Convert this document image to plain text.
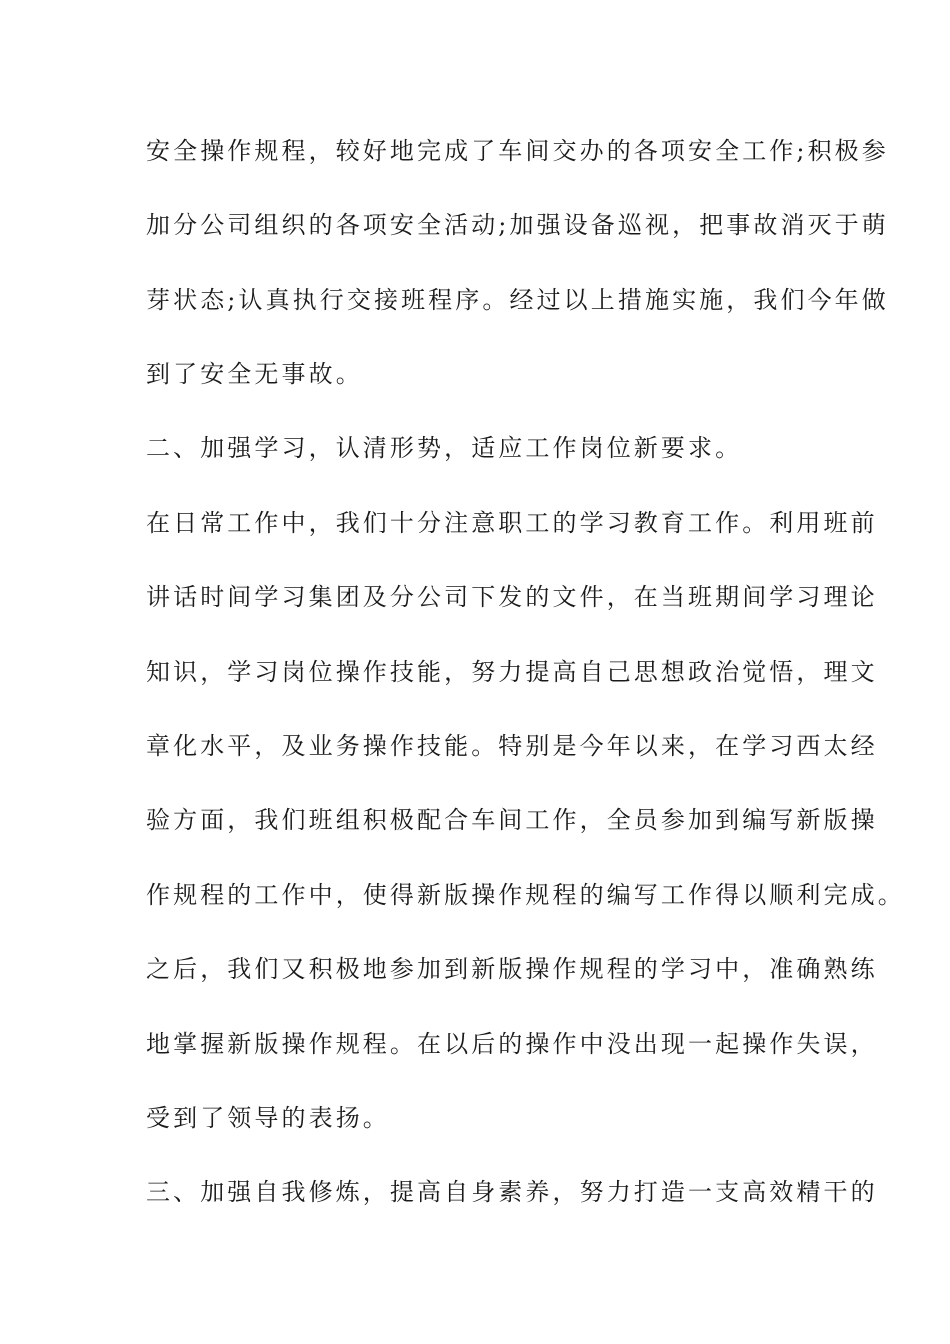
安全操作规程，较好地完成了车间交办的各项安全工作;积极参
加分公司组织的各项安全活动;加强设备巡视，把事故消灭于萌
芽状态;认真执行交接班程序。经过以上措施实施，我们今年做
到了安全无事故。
二、加强学习，认清形势，适应工作岗位新要求。
在日常工作中，我们十分注意职工的学习教育工作。利用班前
讲话时间学习集团及分公司下发的文件，在当班期间学习理论
知识，学习岗位操作技能，努力提高自己思想政治觉悟，理文
章化水平，及业务操作技能。特别是今年以来，在学习西太经
验方面，我们班组积极配合车间工作，全员参加到编写新版操
作规程的工作中，使得新版操作规程的编写工作得以顺利完成。
之后，我们又积极地参加到新版操作规程的学习中，准确熟练
地掌握新版操作规程。在以后的操作中没出现一起操作失误，
受到了领导的表扬。
三、加强自我修炼，提高自身素养，努力打造一支高效精干的
